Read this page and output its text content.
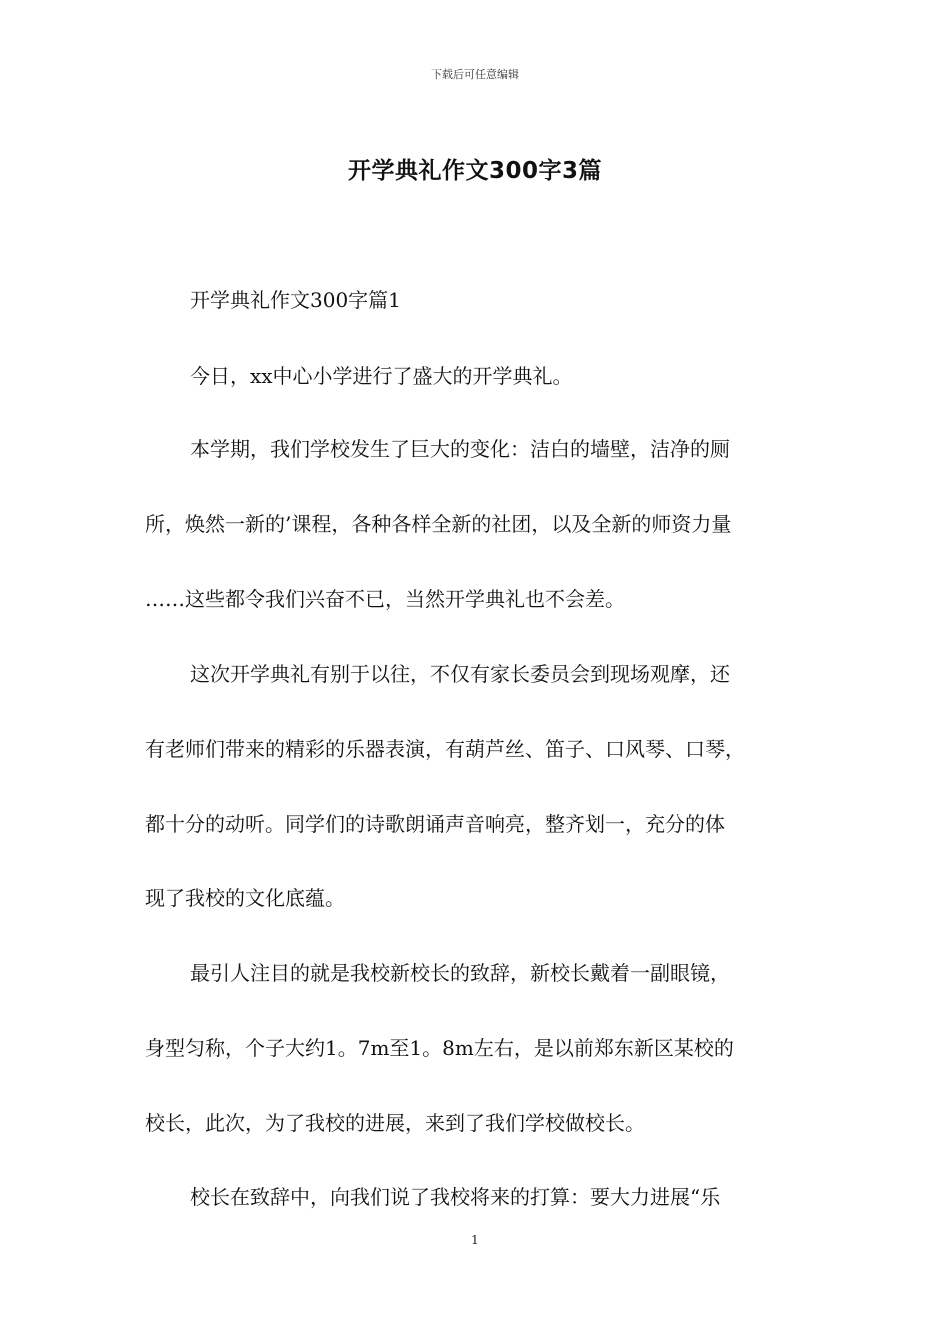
下载后可任意编辑
开学典礼作文300字3篇
开学典礼作文300字篇1
今日，xx中心小学进行了盛大的开学典礼。
本学期，我们学校发生了巨大的变化：洁白的墙壁，洁净的厕
所，焕然一新的’课程，各种各样全新的社团，以及全新的师资力量
……这些都令我们兴奋不已，当然开学典礼也不会差。
这次开学典礼有别于以往，不仅有家长委员会到现场观摩，还
有老师们带来的精彩的乐器表演，有葫芦丝、笛子、口风琴、口琴，
都十分的动听。同学们的诗歌朗诵声音响亮，整齐划一，充分的体
现了我校的文化底蕴。
最引人注目的就是我校新校长的致辞，新校长戴着一副眼镜，
身型匀称，个子大约1。7m至1。8m左右，是以前郑东新区某校的
校长，此次，为了我校的进展，来到了我们学校做校长。
校长在致辞中，向我们说了我校将来的打算：要大力进展“乐
1
